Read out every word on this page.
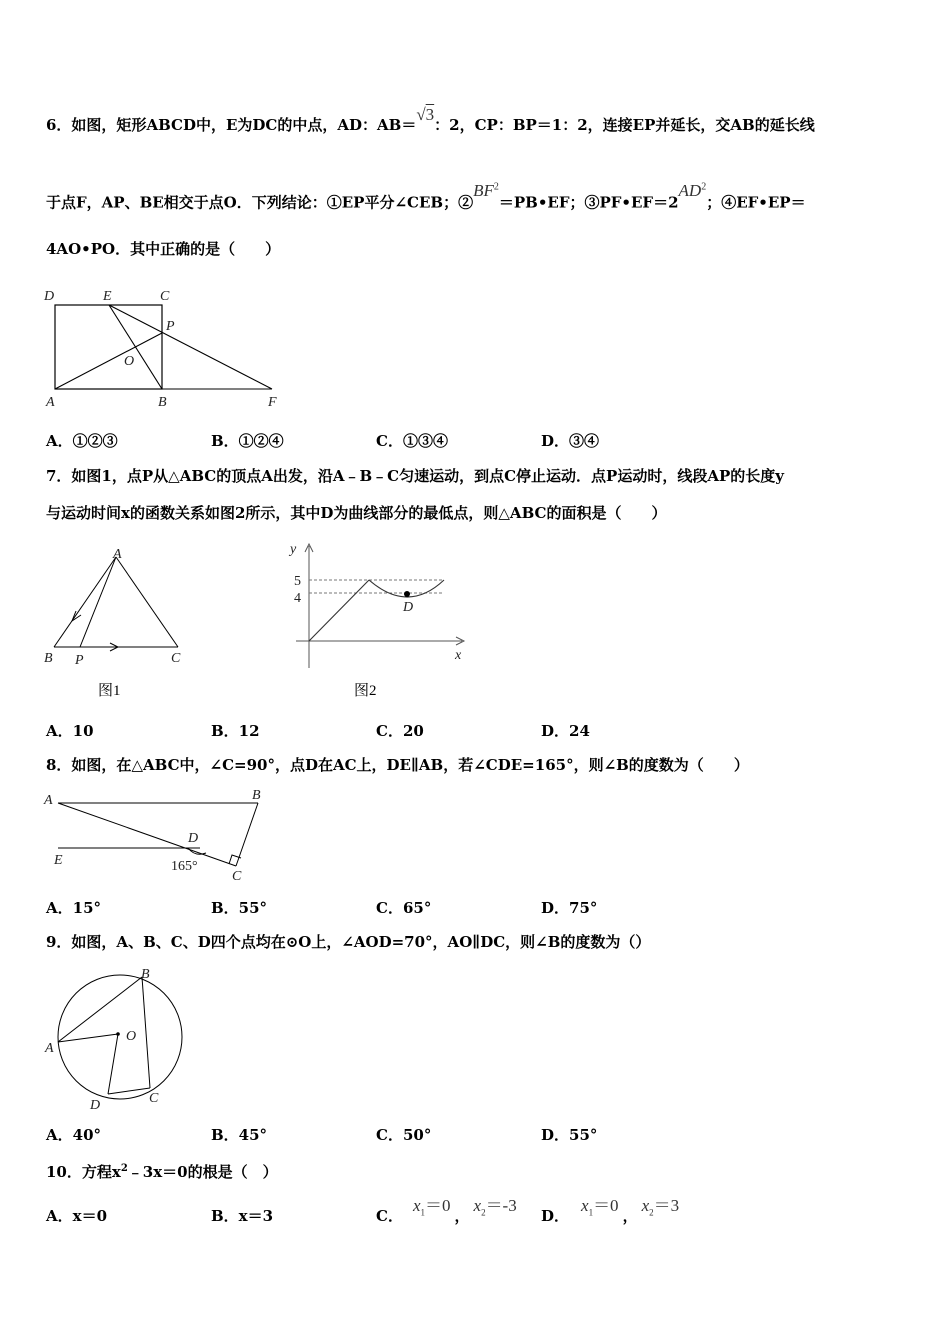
6．如图，矩形ABCD中，E为DC的中点，AD：AB＝√3：2，CP：BP＝1：2，连接EP并延长，交AB的延长线
于点F，AP、BE相交于点O．下列结论：①EP平分∠CEB；$②BF^2=PB•EF$；$③PF•EF=2AD^2$；④EF•EP＝
4AO•PO．其中正确的是（　　）
D	E	C
P
O
A	B	F
A．①②③	B．①②④	C．①③④	D．③④
7．如图1，点P从△ABC的顶点A出发，沿A﹣B﹣C匀速运动，到点C停止运动．点P运动时，线段AP的长度y
与运动时间x的函数关系如图2所示，其中D为曲线部分的最低点，则△ABC的面积是（　　）
A
B P	C
图1
y
x
5
4
D
图2
A．10	B．12	C．20	D．24
8．如图，在△ABC中，∠C=90°，点D在AC上，DE∥AB，若∠CDE=165°，则∠B的度数为（　　）
A	B
D
E
C
165°
A．15°	B．55°	C．65°	D．75°
9．如图，A、B、C、D四个点均在⊙O上，∠AOD=70°，AO∥DC，则∠B的度数为（）
A
B
O
C
D
A．40°	B．45°	C．50°	D．55°
10．方程$x^2﹣3x=0$的根是（　）
A．x＝0	B．x＝3	C．$x_1=0$，$x_2=-3$
D．$x_1=0$，$x_2=3$
